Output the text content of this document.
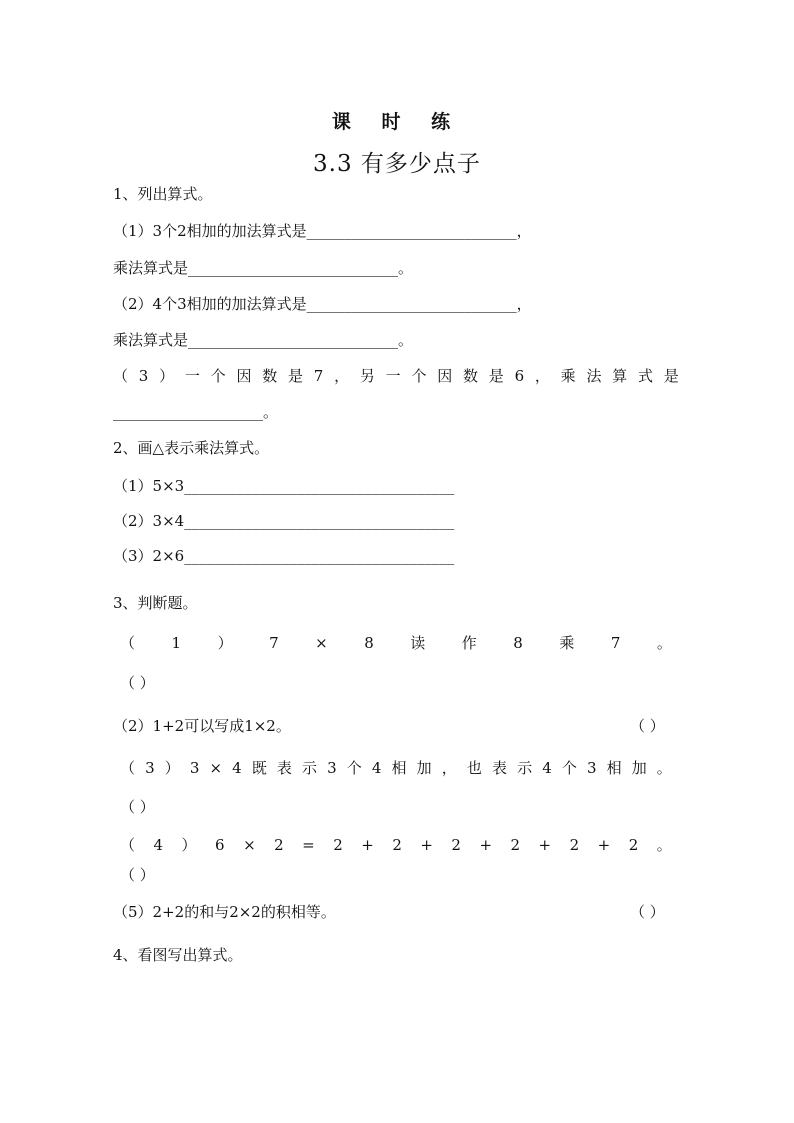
课 时 练
3.3 有多少点子
1、列出算式。
（1）3个2相加的加法算式是____________________________，
乘法算式是____________________________。
（2）4个3相加的加法算式是____________________________，
乘法算式是____________________________。
（ 3 ） 一 个 因 数 是 7 ， 另 一 个 因 数 是 6 ， 乘 法 算 式 是
____________________。
2、画△表示乘法算式。
（1）5×3____________________________________
（2）3×4____________________________________
（3）2×6____________________________________
3、判断题。
（ 1 ） 7 × 8 读 作 8 乘 7 。
（ ）
（2）1+2可以写成1×2。	（ ）
（ 3 ） 3 × 4 既 表 示 3 个 4 相 加 ， 也 表 示 4 个 3 相 加 。
（ ）
（ 4 ） 6 × 2 = 2 + 2 + 2 + 2 + 2 + 2 。
（ ）
（5）2+2的和与2×2的积相等。	（ ）
4、看图写出算式。
